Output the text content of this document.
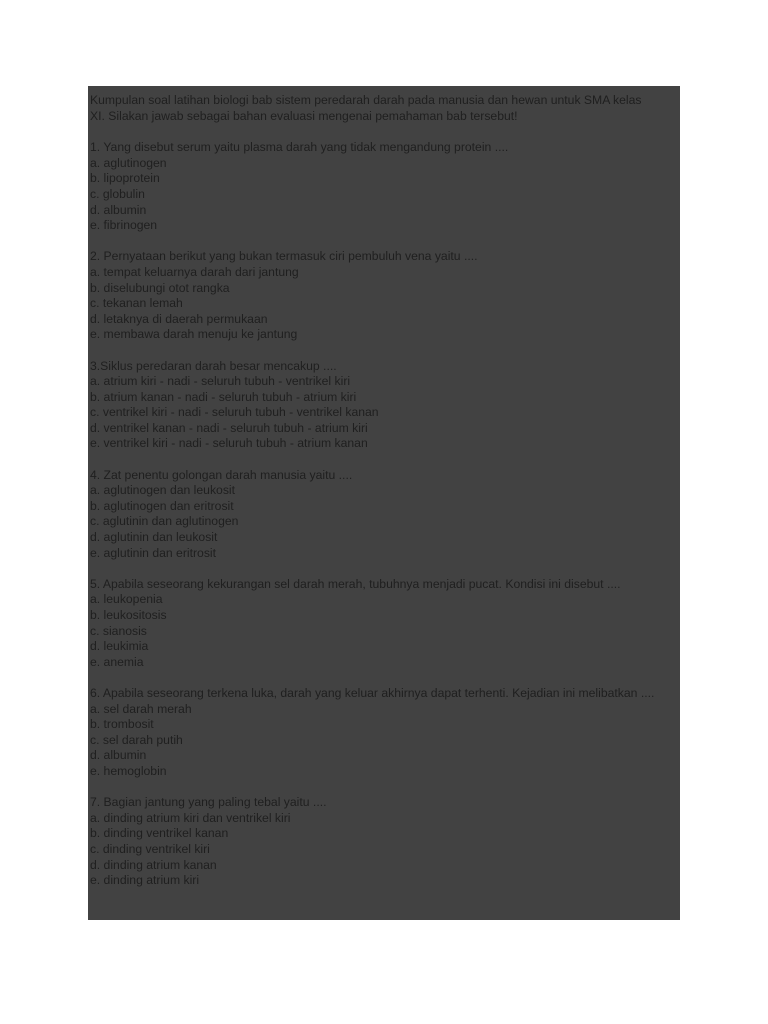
Kumpulan soal latihan biologi bab sistem peredarah darah pada manusia dan hewan untuk SMA kelas
XI. Silakan jawab sebagai bahan evaluasi mengenai pemahaman bab tersebut!
1. Yang disebut serum yaitu plasma darah yang tidak mengandung protein ....
a. aglutinogen
b. lipoprotein
c. globulin
d. albumin
e. fibrinogen
2. Pernyataan berikut yang bukan termasuk ciri pembuluh vena yaitu ....
a. tempat keluarnya darah dari jantung
b. diselubungi otot rangka
c. tekanan lemah
d. letaknya di daerah permukaan
e. membawa darah menuju ke jantung
3.Siklus peredaran darah besar mencakup ....
a. atrium kiri - nadi - seluruh tubuh - ventrikel kiri
b. atrium kanan - nadi - seluruh tubuh - atrium kiri
c. ventrikel kiri - nadi - seluruh tubuh - ventrikel kanan
d. ventrikel kanan - nadi - seluruh tubuh - atrium kiri
e. ventrikel kiri - nadi - seluruh tubuh - atrium kanan
4. Zat penentu golongan darah manusia yaitu ....
a. aglutinogen dan leukosit
b. aglutinogen dan eritrosit
c. aglutinin dan aglutinogen
d. aglutinin dan leukosit
e. aglutinin dan eritrosit
5. Apabila seseorang kekurangan sel darah merah, tubuhnya menjadi pucat. Kondisi ini disebut ....
a. leukopenia
b. leukositosis
c. sianosis
d. leukimia
e. anemia
6. Apabila seseorang terkena luka, darah yang keluar akhirnya dapat terhenti. Kejadian ini melibatkan ....
a. sel darah merah
b. trombosit
c. sel darah putih
d. albumin
e. hemoglobin
7. Bagian jantung yang paling tebal yaitu ....
a. dinding atrium kiri dan ventrikel kiri
b. dinding ventrikel kanan
c. dinding ventrikel kiri
d. dinding atrium kanan
e. dinding atrium kiri
